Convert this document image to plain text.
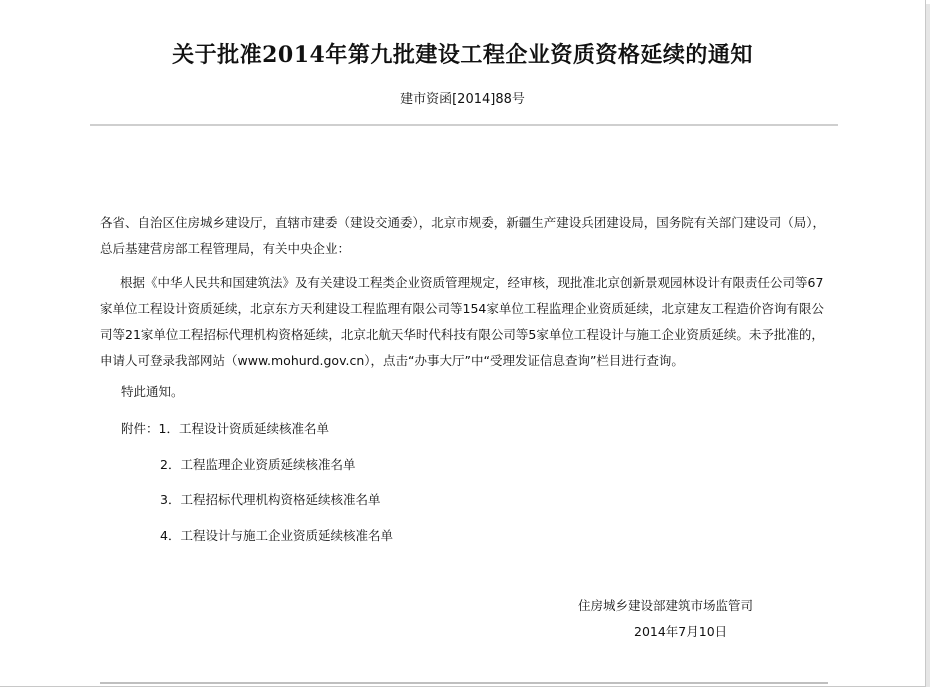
关于批准2014年第九批建设工程企业资质资格延续的通知
建市资函[2014]88号
各省、自治区住房城乡建设厅，直辖市建委（建设交通委），北京市规委，新疆生产建设兵团建设局，国务院有关部门建设司（局），总后基建营房部工程管理局，有关中央企业：
根据《中华人民共和国建筑法》及有关建设工程类企业资质管理规定，经审核，现批准北京创新景观园林设计有限责任公司等67
家单位工程设计资质延续，北京东方天利建设工程监理有限公司等154家单位工程监理企业资质延续，北京建友工程造价咨询有限公
司等21家单位工程招标代理机构资格延续，北京北航天华时代科技有限公司等5家单位工程设计与施工企业资质延续。未予批准的，
申请人可登录我部网站（www.mohurd.gov.cn），点击“办事大厅”中“受理发证信息查询”栏目进行查询。
特此通知。
附件：1．工程设计资质延续核准名单
2．工程监理企业资质延续核准名单
3．工程招标代理机构资格延续核准名单
4．工程设计与施工企业资质延续核准名单
住房城乡建设部建筑市场监管司
2014年7月10日
